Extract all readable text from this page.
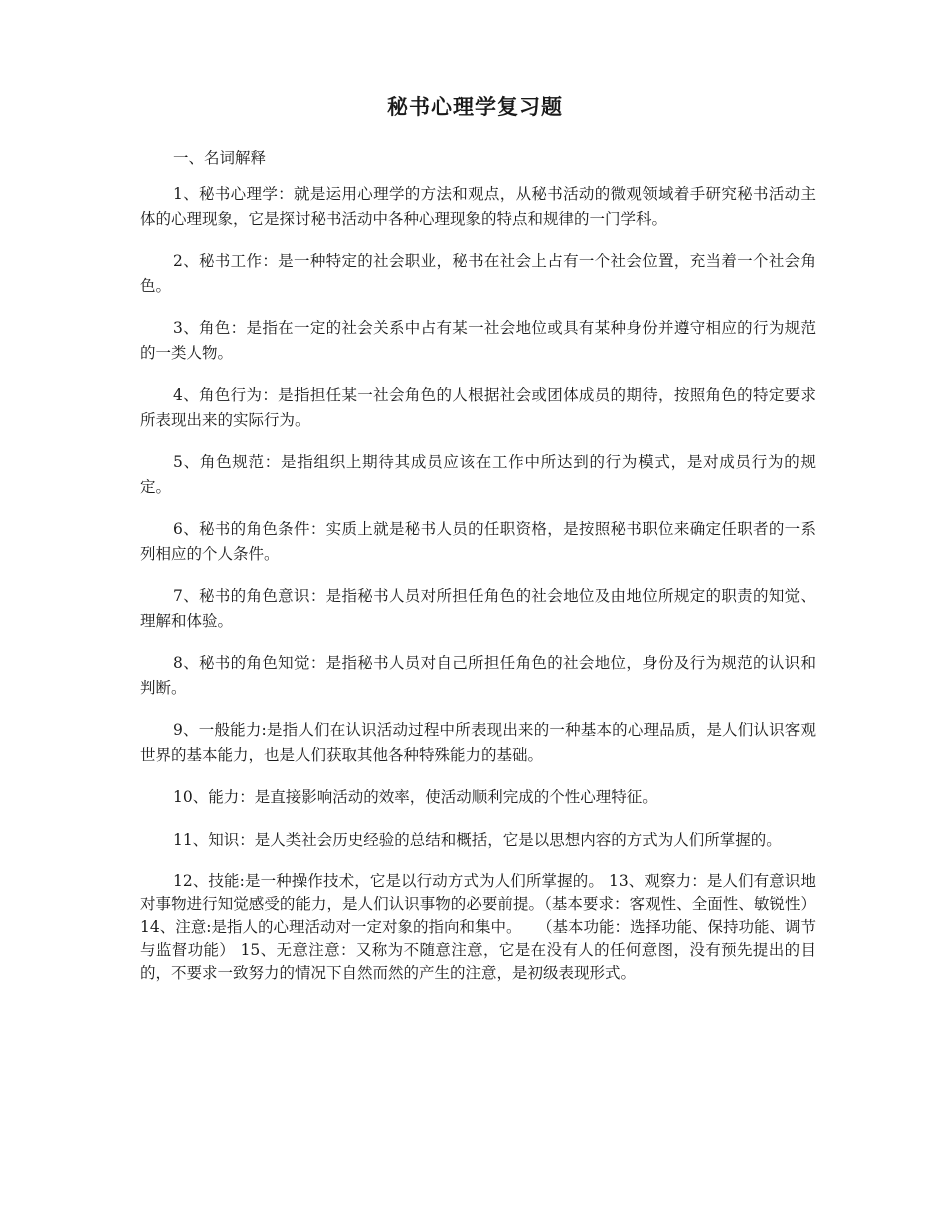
秘书心理学复习题

一、名词解释

1、秘书心理学：就是运用心理学的方法和观点，从秘书活动的微观领域着手研究秘书活动主体的心理现象，它是探讨秘书活动中各种心理现象的特点和规律的一门学科。

2、秘书工作：是一种特定的社会职业，秘书在社会上占有一个社会位置，充当着一个社会角色。

3、角色：是指在一定的社会关系中占有某一社会地位或具有某种身份并遵守相应的行为规范的一类人物。

4、角色行为：是指担任某一社会角色的人根据社会或团体成员的期待，按照角色的特定要求所表现出来的实际行为。

5、角色规范：是指组织上期待其成员应该在工作中所达到的行为模式，是对成员行为的规定。

6、秘书的角色条件：实质上就是秘书人员的任职资格，是按照秘书职位来确定任职者的一系列相应的个人条件。

7、秘书的角色意识：是指秘书人员对所担任角色的社会地位及由地位所规定的职责的知觉、理解和体验。

8、秘书的角色知觉：是指秘书人员对自己所担任角色的社会地位，身份及行为规范的认识和判断。

9、一般能力:是指人们在认识活动过程中所表现出来的一种基本的心理品质，是人们认识客观世界的基本能力，也是人们获取其他各种特殊能力的基础。

10、能力：是直接影响活动的效率，使活动顺利完成的个性心理特征。

11、知识：是人类社会历史经验的总结和概括，它是以思想内容的方式为人们所掌握的。

12、技能:是一种操作技术，它是以行动方式为人们所掌握的。 13、观察力：是人们有意识地对事物进行知觉感受的能力，是人们认识事物的必要前提。（基本要求：客观性、全面性、敏锐性） 14、注意:是指人的心理活动对一定对象的指向和集中。　　（基本功能：选择功能、保持功能、调节与监督功能） 15、无意注意：又称为不随意注意，它是在没有人的任何意图，没有预先提出的目的，不要求一致努力的情况下自然而然的产生的注意，是初级表现形式。
